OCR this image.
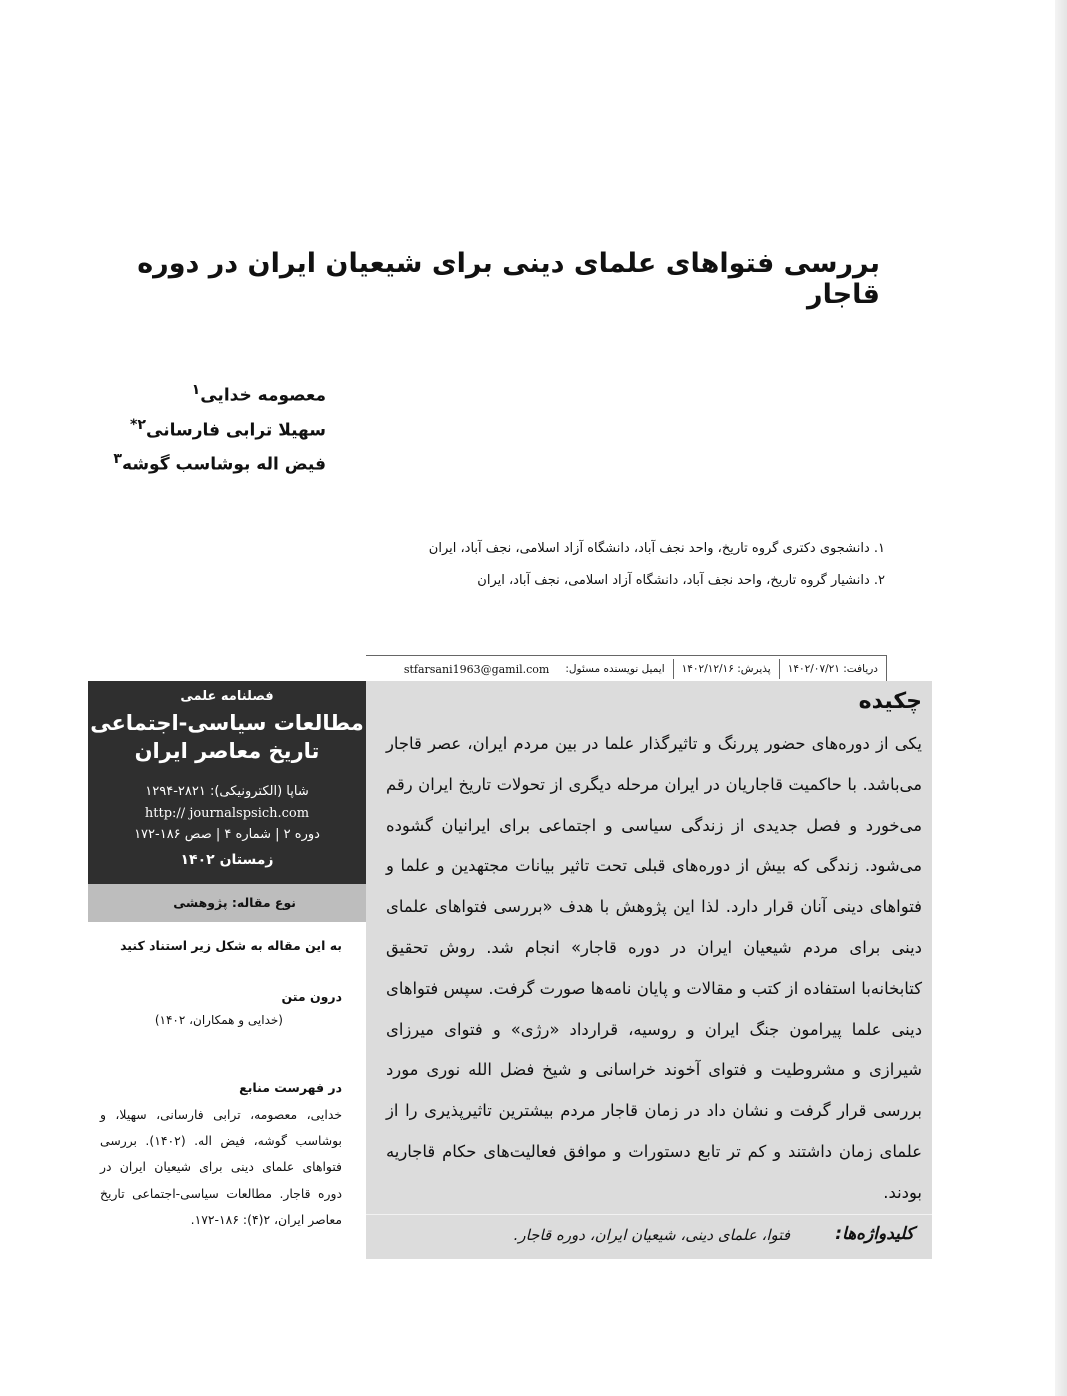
بررسی فتواهای علمای دینی برای شیعیان ایران در دوره قاجار
معصومه خدایی$^۱$
سهیلا ترابی فارسانی$^{۲*}$
فیض اله بوشاسب گوشه$^۳$
۱. دانشجوی دکتری گروه تاریخ، واحد نجف آباد، دانشگاه آزاد اسلامی، نجف آباد، ایران
۲. دانشیار گروه تاریخ، واحد نجف آباد، دانشگاه آزاد اسلامی، نجف آباد، ایران
دریافت: ۱۴۰۲/۰۷/۲۱
پذیرش: ۱۴۰۲/۱۲/۱۶
ایمیل نویسنده مسئول:
stfarsani1963@gamil.com
چکیده
یکی از دوره‌های حضور پررنگ و تاثیرگذار علما در بین مردم ایران، عصر قاجار می‌باشد. با حاکمیت قاجاریان در ایران مرحله دیگری از تحولات تاریخ ایران رقم می‌خورد و فصل جدیدی از زندگی سیاسی و اجتماعی برای ایرانیان گشوده می‌شود. زندگی که بیش از دوره‌های قبلی تحت تاثیر بیانات مجتهدین و علما و فتواهای دینی آنان قرار دارد. لذا این پژوهش با هدف «بررسی فتواهای علمای دینی برای مردم شیعیان ایران در دوره قاجار» انجام شد. روش تحقیق کتابخانه‌با استفاده از کتب و مقالات و پایان نامه‌ها صورت گرفت. سپس فتواهای دینی علما پیرامون جنگ ایران و روسیه، قرارداد «رژی» و فتوای میرزای شیرازی و مشروطیت و فتوای آخوند خراسانی و شیخ فضل الله نوری مورد بررسی قرار گرفت و نشان داد در زمان قاجار مردم بیشترین تاثیرپذیری را از علمای زمان داشتند و کم تر تابع دستورات و موافق فعالیت‌های حکام قاجاریه بودند.
کلیدواژه‌ها:
فتوا، علمای دینی، شیعیان ایران، دوره قاجار.
فصلنامه علمی
مطالعات سیاسی-اجتماعی
تاریخ معاصر ایران
شاپا (الکترونیکی): ۲۸۲۱-۱۲۹۴
http:// journalspsich.com
دوره ۲ | شماره ۴ | صص ۱۸۶-۱۷۲
زمستان ۱۴۰۲
نوع مقاله: پژوهشی
به این مقاله به شکل زیر استناد کنید
درون متن
(خدایی و همکاران، ۱۴۰۲)
در فهرست منابع
خدایی، معصومه، ترابی فارسانی، سهیلا، و بوشاسب گوشه، فیض اله. (۱۴۰۲). بررسی فتواهای علمای دینی برای شیعیان ایران در دوره قاجار. مطالعات سیاسی-اجتماعی تاریخ معاصر ایران، ۲(۴): ۱۸۶-۱۷۲.
